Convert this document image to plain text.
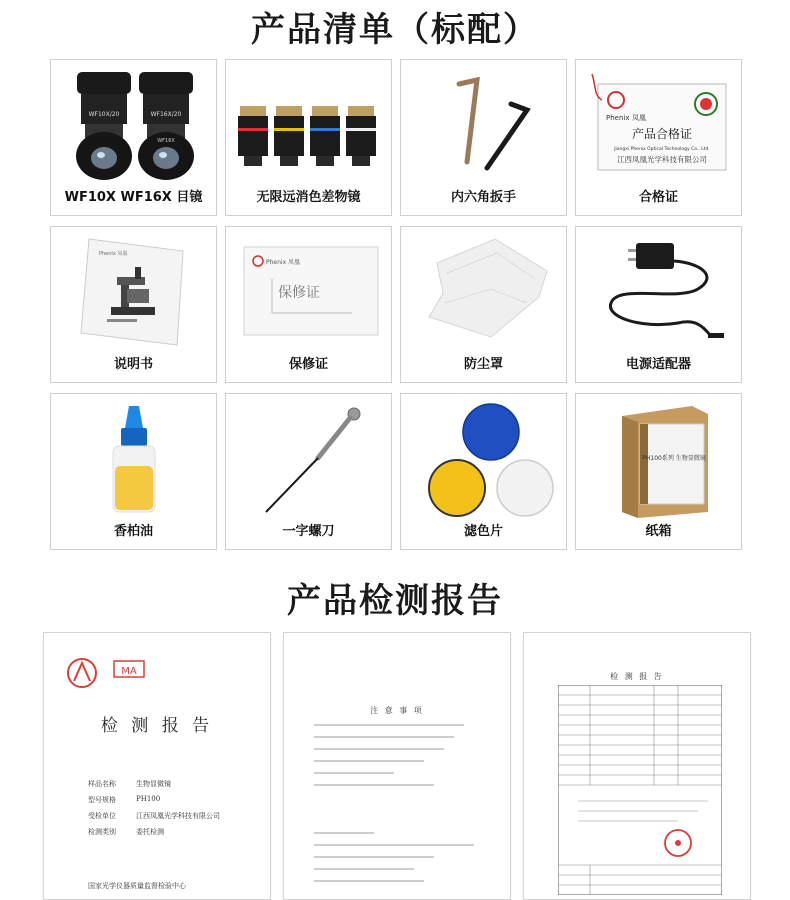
产品清单（标配）
WF10X/20	WF16X/20
WF16X
WF10X WF16X 目镜	无限远消色差物镜	内六角扳手
Phenix 凤凰
产品合格证
Jiangxi Phenix Optical Technology Co., Ltd.
江西凤凰光学科技有限公司
合格证
Phenix 凤凰
说明书
Phenix 凤凰
保修证
保修证	防尘罩	电源适配器
香柏油	一字螺刀	滤色片
PH100系列 生物显微镜
纸箱
产品检测报告
MA
检 测 报 告
样品名称	生物显微镜
型号规格	PH100
受检单位	江西凤凰光学科技有限公司
检测类别	委托检测
国家光学仪器质量监督检验中心
注 意 事 项
检 测 报 告
